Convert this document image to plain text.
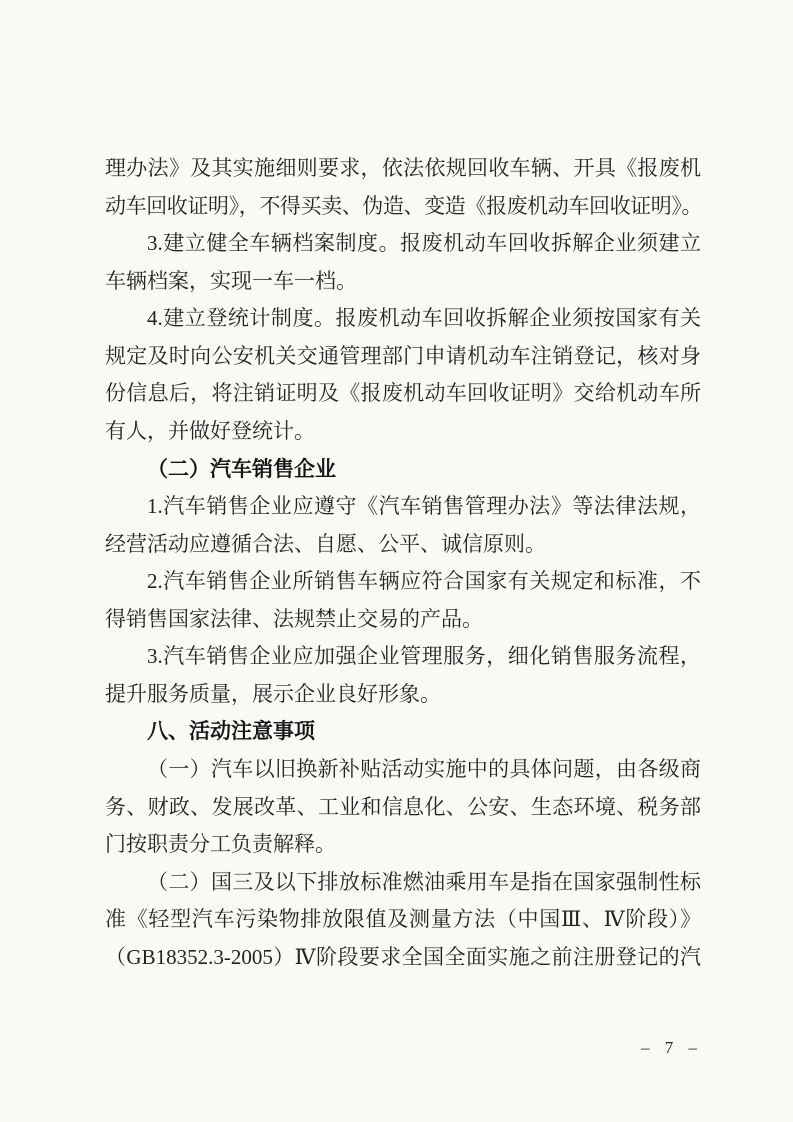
理办法》及其实施细则要求，依法依规回收车辆、开具《报废机
动车回收证明》，不得买卖、伪造、变造《报废机动车回收证明》。
3.建立健全车辆档案制度。报废机动车回收拆解企业须建立
车辆档案，实现一车一档。
4.建立登统计制度。报废机动车回收拆解企业须按国家有关
规定及时向公安机关交通管理部门申请机动车注销登记，核对身
份信息后，将注销证明及《报废机动车回收证明》交给机动车所
有人，并做好登统计。
（二）汽车销售企业
1.汽车销售企业应遵守《汽车销售管理办法》等法律法规，
经营活动应遵循合法、自愿、公平、诚信原则。
2.汽车销售企业所销售车辆应符合国家有关规定和标准，不
得销售国家法律、法规禁止交易的产品。
3.汽车销售企业应加强企业管理服务，细化销售服务流程，
提升服务质量，展示企业良好形象。
八、活动注意事项
（一）汽车以旧换新补贴活动实施中的具体问题，由各级商
务、财政、发展改革、工业和信息化、公安、生态环境、税务部
门按职责分工负责解释。
（二）国三及以下排放标准燃油乘用车是指在国家强制性标
准《轻型汽车污染物排放限值及测量方法（中国Ⅲ、Ⅳ阶段）》
（GB18352.3-2005）Ⅳ阶段要求全国全面实施之前注册登记的汽
– 7 –
